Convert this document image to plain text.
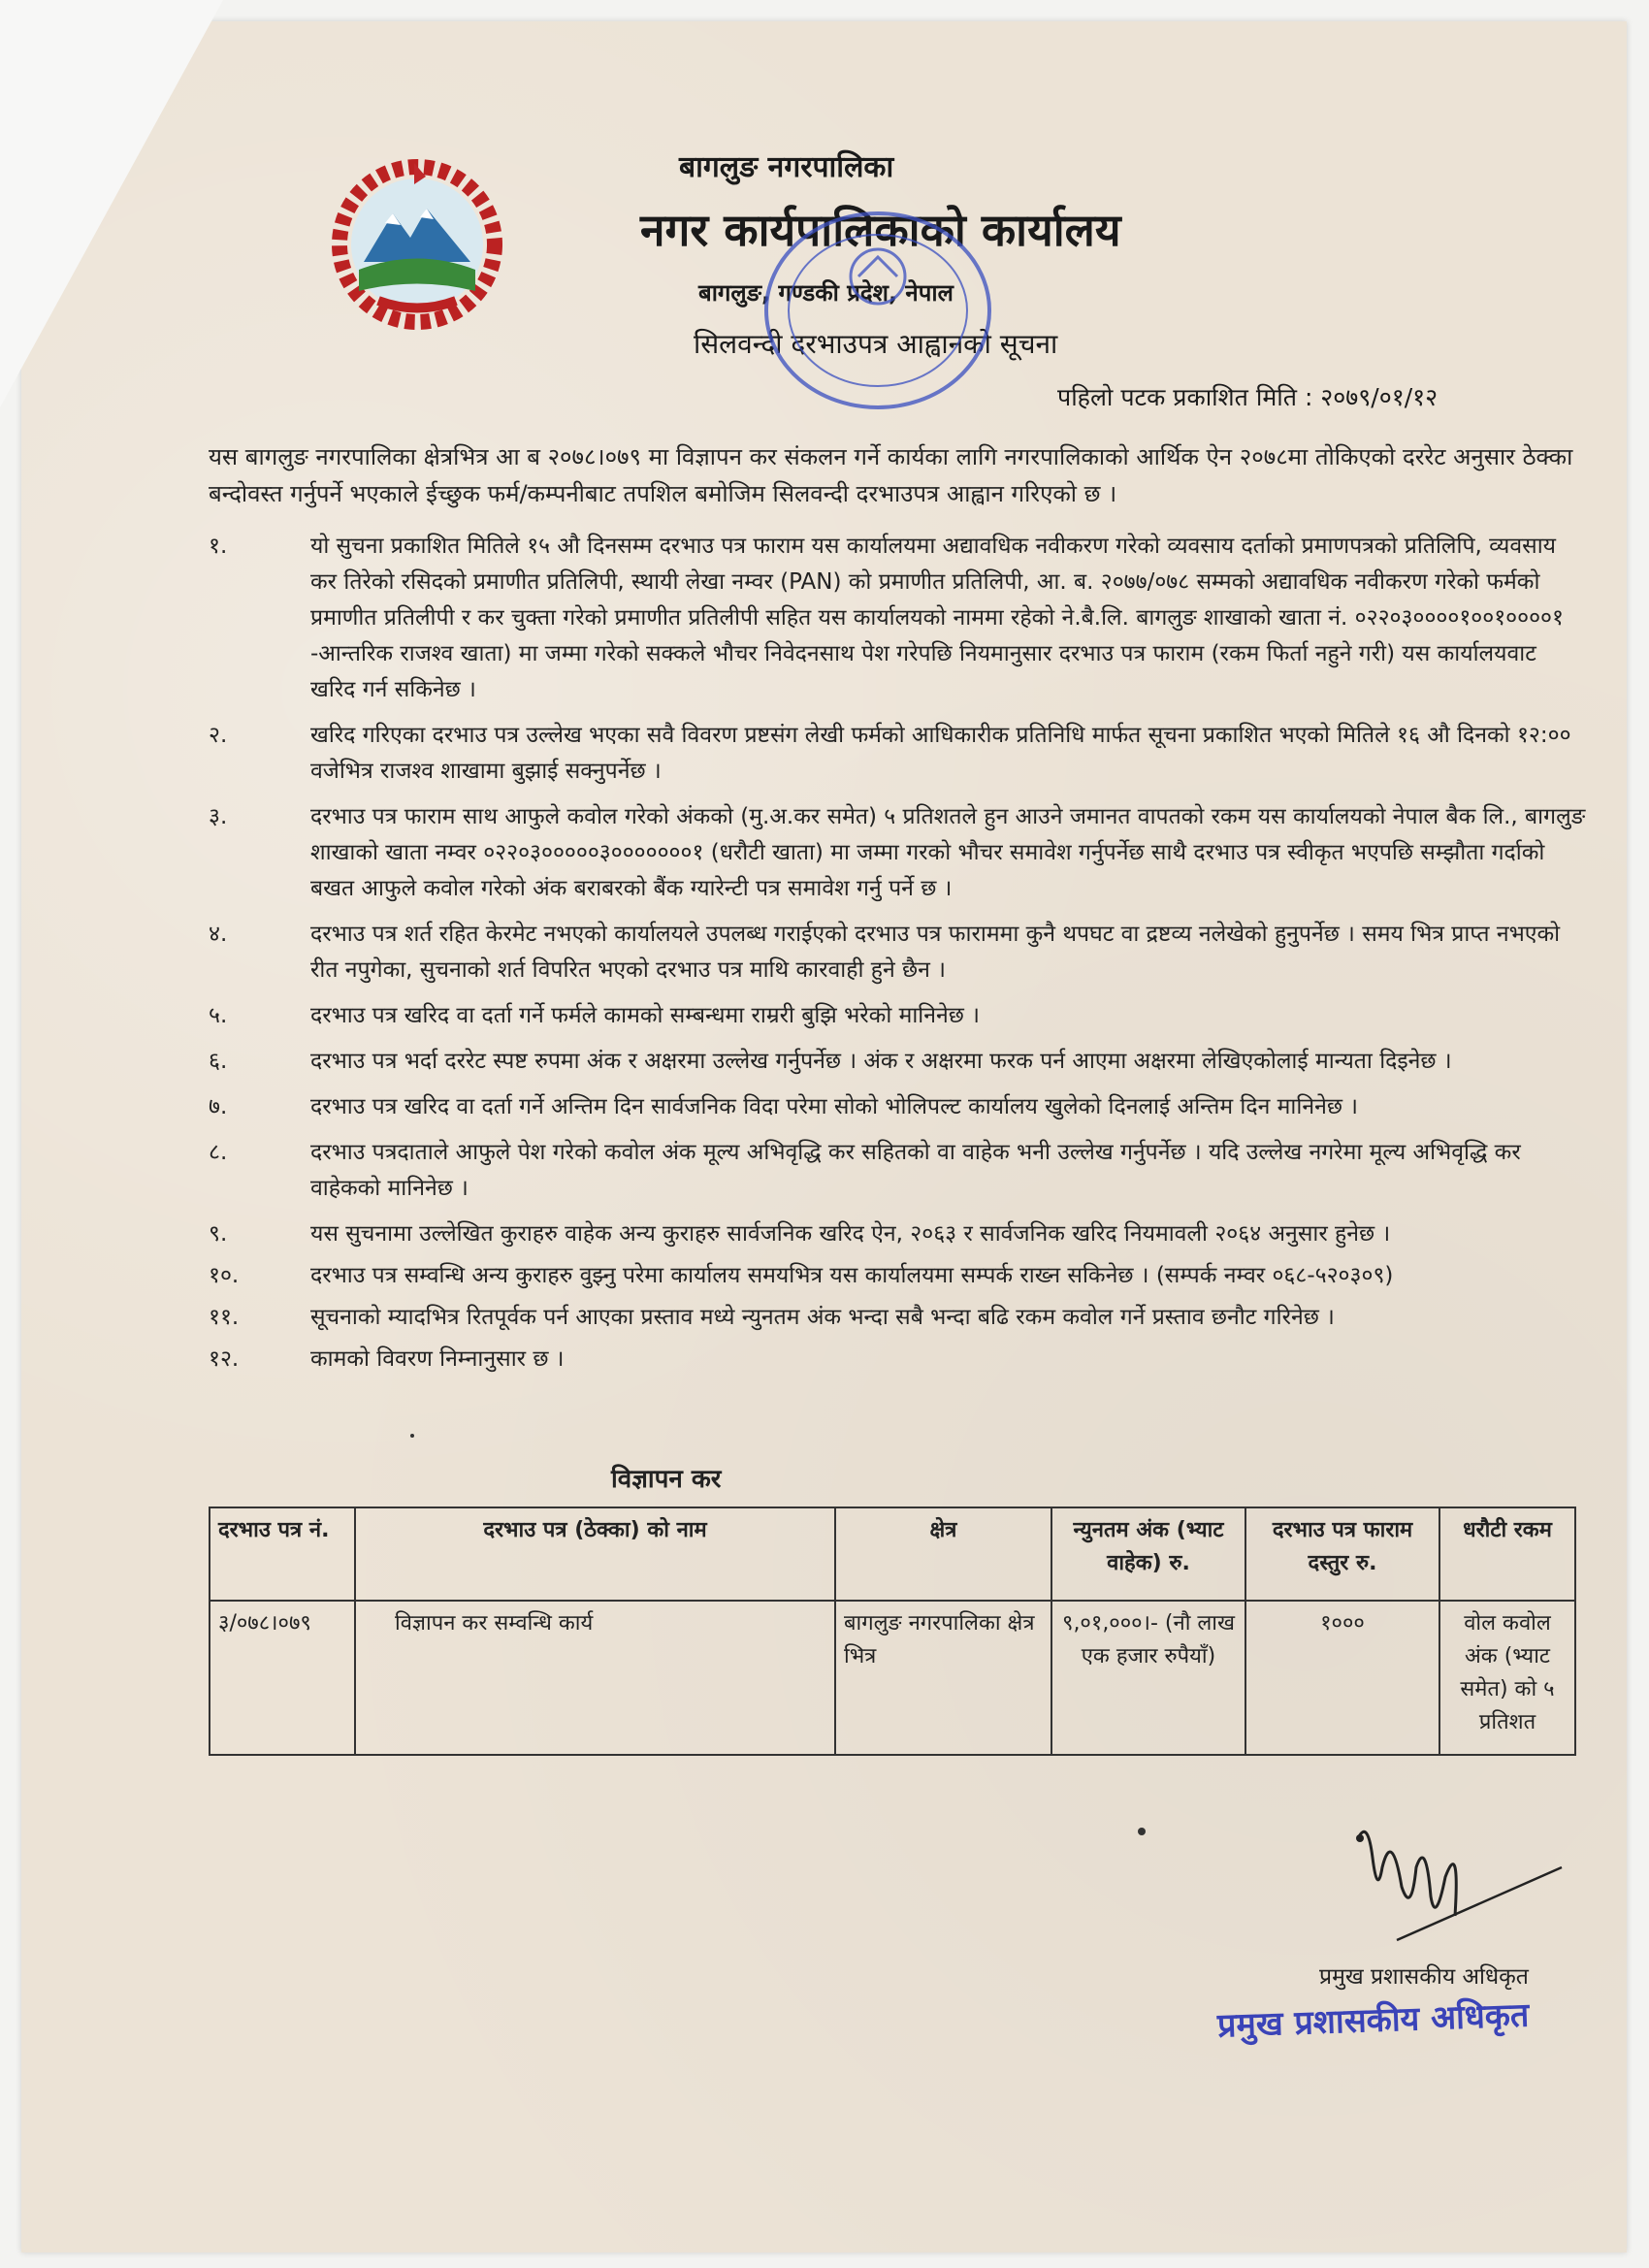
बागलुङ नगरपालिका
नगर कार्यपालिकाको कार्यालय
बागलुङ, गण्डकी प्रदेश, नेपाल
सिलवन्दी दरभाउपत्र आह्वानको सूचना
पहिलो पटक प्रकाशित मिति : २०७९/०१/१२

यस बागलुङ नगरपालिका क्षेत्रभित्र आ ब २०७८।०७९ मा विज्ञापन कर संकलन गर्ने कार्यका लागि नगरपालिकाको आर्थिक ऐन २०७८मा तोकिएको दररेट अनुसार ठेक्का बन्दोवस्त गर्नुपर्ने भएकाले ईच्छुक फर्म/कम्पनीबाट तपशिल बमोजिम सिलवन्दी दरभाउपत्र आह्वान गरिएको छ ।

१.	यो सुचना प्रकाशित मितिले १५ औ दिनसम्म दरभाउ पत्र फाराम यस कार्यालयमा अद्यावधिक नवीकरण गरेको व्यवसाय दर्ताको प्रमाणपत्रको प्रतिलिपि, व्यवसाय कर तिरेको रसिदको प्रमाणीत प्रतिलिपी, स्थायी लेखा नम्वर (PAN) को प्रमाणीत प्रतिलिपी, आ. ब. २०७७/०७८ सम्मको अद्यावधिक नवीकरण गरेको फर्मको प्रमाणीत प्रतिलीपी र कर चुक्ता गरेको प्रमाणीत प्रतिलीपी सहित यस कार्यालयको नाममा रहेको ने.बै.लि. बागलुङ शाखाको खाता नं. ०२२०३००००१००१००००१ -आन्तरिक राजश्व खाता) मा जम्मा गरेको सक्कले भौचर निवेदनसाथ पेश गरेपछि नियमानुसार दरभाउ पत्र फाराम (रकम फिर्ता नहुने गरी) यस कार्यालयवाट खरिद गर्न सकिनेछ ।
२.	खरिद गरिएका दरभाउ पत्र उल्लेख भएका सवै विवरण प्रष्टसंग लेखी फर्मको आधिकारीक प्रतिनिधि मार्फत सूचना प्रकाशित भएको मितिले १६ औ दिनको १२:०० वजेभित्र राजश्व शाखामा बुझाई सक्नुपर्नेछ ।
३.	दरभाउ पत्र फाराम साथ आफुले कवोल गरेको अंकको (मु.अ.कर समेत) ५ प्रतिशतले हुन आउने जमानत वापतको रकम यस कार्यालयको नेपाल बैक लि., बागलुङ शाखाको खाता नम्वर ०२२०३०००००३०००००००१ (धरौटी खाता) मा जम्मा गरको भौचर समावेश गर्नुपर्नेछ साथै दरभाउ पत्र स्वीकृत भएपछि सम्झौता गर्दाको बखत आफुले कवोल गरेको अंक बराबरको बैंक ग्यारेन्टी पत्र समावेश गर्नु पर्ने छ ।
४.	दरभाउ पत्र शर्त रहित केरमेट नभएको कार्यालयले उपलब्ध गराईएको दरभाउ पत्र फाराममा कुनै थपघट वा द्रष्टव्य नलेखेको हुनुपर्नेछ । समय भित्र प्राप्त नभएको रीत नपुगेका, सुचनाको शर्त विपरित भएको दरभाउ पत्र माथि कारवाही हुने छैन ।
५.	दरभाउ पत्र खरिद वा दर्ता गर्ने फर्मले कामको सम्बन्धमा राम्ररी बुझि भरेको मानिनेछ ।
६.	दरभाउ पत्र भर्दा दररेट स्पष्ट रुपमा अंक र अक्षरमा उल्लेख गर्नुपर्नेछ । अंक र अक्षरमा फरक पर्न आएमा अक्षरमा लेखिएकोलाई मान्यता दिइनेछ ।
७.	दरभाउ पत्र खरिद वा दर्ता गर्ने अन्तिम दिन सार्वजनिक विदा परेमा सोको भोलिपल्ट कार्यालय खुलेको दिनलाई अन्तिम दिन मानिनेछ ।
८.	दरभाउ पत्रदाताले आफुले पेश गरेको कवोल अंक मूल्य अभिवृद्धि कर सहितको वा वाहेक भनी उल्लेख गर्नुपर्नेछ । यदि उल्लेख नगरेमा मूल्य अभिवृद्धि कर वाहेकको मानिनेछ ।
९.	यस सुचनामा उल्लेखित कुराहरु वाहेक अन्य कुराहरु सार्वजनिक खरिद ऐन, २०६३ र सार्वजनिक खरिद नियमावली २०६४ अनुसार हुनेछ ।
१०.	दरभाउ पत्र सम्वन्धि अन्य कुराहरु वुझ्नु परेमा कार्यालय समयभित्र यस कार्यालयमा सम्पर्क राख्न सकिनेछ । (सम्पर्क नम्वर ०६८-५२०३०९)
११.	सूचनाको म्यादभित्र रितपूर्वक पर्न आएका प्रस्ताव मध्ये न्युनतम अंक भन्दा सबै भन्दा बढि रकम कवोल गर्ने प्रस्ताव छनौट गरिनेछ ।
१२.	कामको विवरण निम्नानुसार छ ।
विज्ञापन कर
दरभाउ पत्र नं.	दरभाउ पत्र (ठेक्का) को नाम	क्षेत्र	न्युनतम अंक (भ्याट वाहेक) रु.	दरभाउ पत्र फाराम दस्तुर रु.	धरौटी रकम
३/०७८।०७९	विज्ञापन कर सम्वन्धि कार्य	बागलुङ नगरपालिका क्षेत्र भित्र	९,०१,०००।- (नौ लाख एक हजार रुपैयाँ)	१०००	वोल कवोल अंक (भ्याट समेत) को ५ प्रतिशत
प्रमुख प्रशासकीय अधिकृत
प्रमुख प्रशासकीय अधिकृत
